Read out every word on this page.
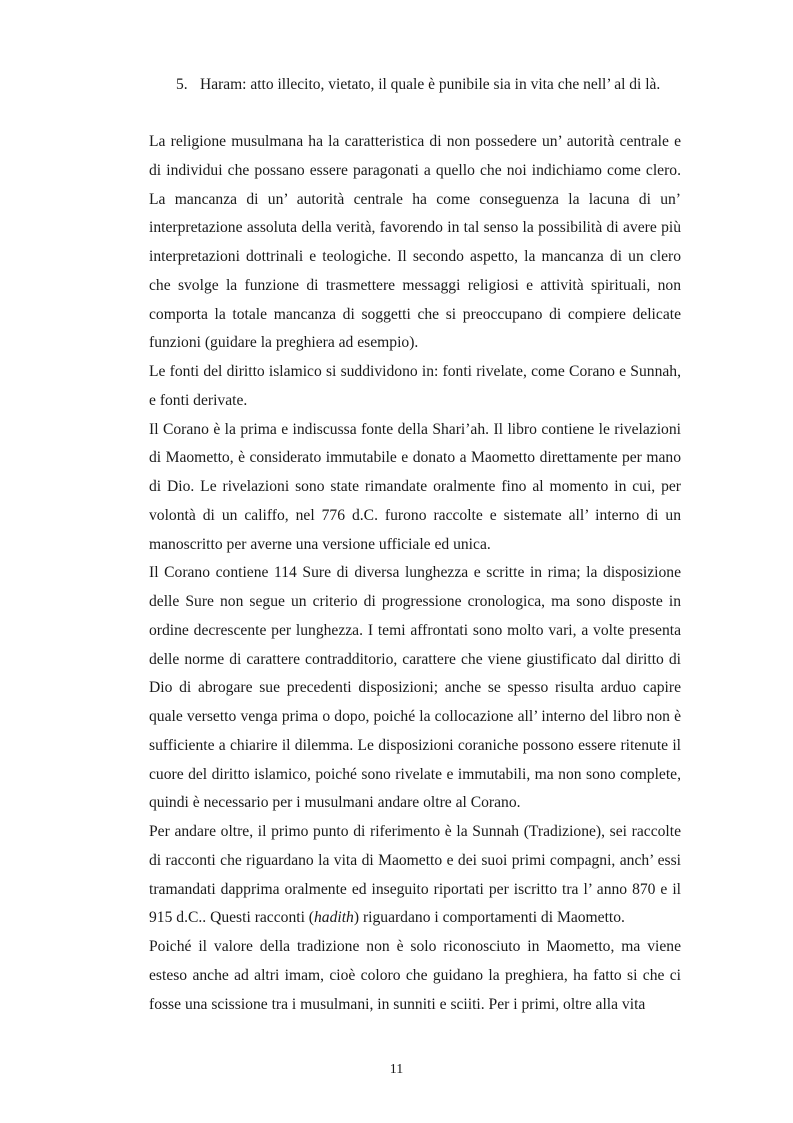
5. Haram: atto illecito, vietato, il quale è punibile sia in vita che nell’ al di là.

La religione musulmana ha la caratteristica di non possedere un’ autorità centrale e di individui che possano essere paragonati a quello che noi indichiamo come clero. La mancanza di un’ autorità centrale ha come conseguenza la lacuna di un’ interpretazione assoluta della verità, favorendo in tal senso la possibilità di avere più interpretazioni dottrinali e teologiche. Il secondo aspetto, la mancanza di un clero che svolge la funzione di trasmettere messaggi religiosi e attività spirituali, non comporta la totale mancanza di soggetti che si preoccupano di compiere delicate funzioni (guidare la preghiera ad esempio).

Le fonti del diritto islamico si suddividono in: fonti rivelate, come Corano e Sunnah, e fonti derivate.

Il Corano è la prima e indiscussa fonte della Shari’ah. Il libro contiene le rivelazioni di Maometto, è considerato immutabile e donato a Maometto direttamente per mano di Dio. Le rivelazioni sono state rimandate oralmente fino al momento in cui, per volontà di un califfo, nel 776 d.C. furono raccolte e sistemate all’ interno di un manoscritto per averne una versione ufficiale ed unica.

Il Corano contiene 114 Sure di diversa lunghezza e scritte in rima; la disposizione delle Sure non segue un criterio di progressione cronologica, ma sono disposte in ordine decrescente per lunghezza. I temi affrontati sono molto vari, a volte presenta delle norme di carattere contradditorio, carattere che viene giustificato dal diritto di Dio di abrogare sue precedenti disposizioni; anche se spesso risulta arduo capire quale versetto venga prima o dopo, poiché la collocazione all’ interno del libro non è sufficiente a chiarire il dilemma. Le disposizioni coraniche possono essere ritenute il cuore del diritto islamico, poiché sono rivelate e immutabili, ma non sono complete, quindi è necessario per i musulmani andare oltre al Corano.

Per andare oltre, il primo punto di riferimento è la Sunnah (Tradizione), sei raccolte di racconti che riguardano la vita di Maometto e dei suoi primi compagni, anch’ essi tramandati dapprima oralmente ed inseguito riportati per iscritto tra l’ anno 870 e il 915 d.C.. Questi racconti (hadith) riguardano i comportamenti di Maometto.

Poiché il valore della tradizione non è solo riconosciuto in Maometto, ma viene esteso anche ad altri imam, cioè coloro che guidano la preghiera, ha fatto si che ci fosse una scissione tra i musulmani, in sunniti e sciiti. Per i primi, oltre alla vita

11
